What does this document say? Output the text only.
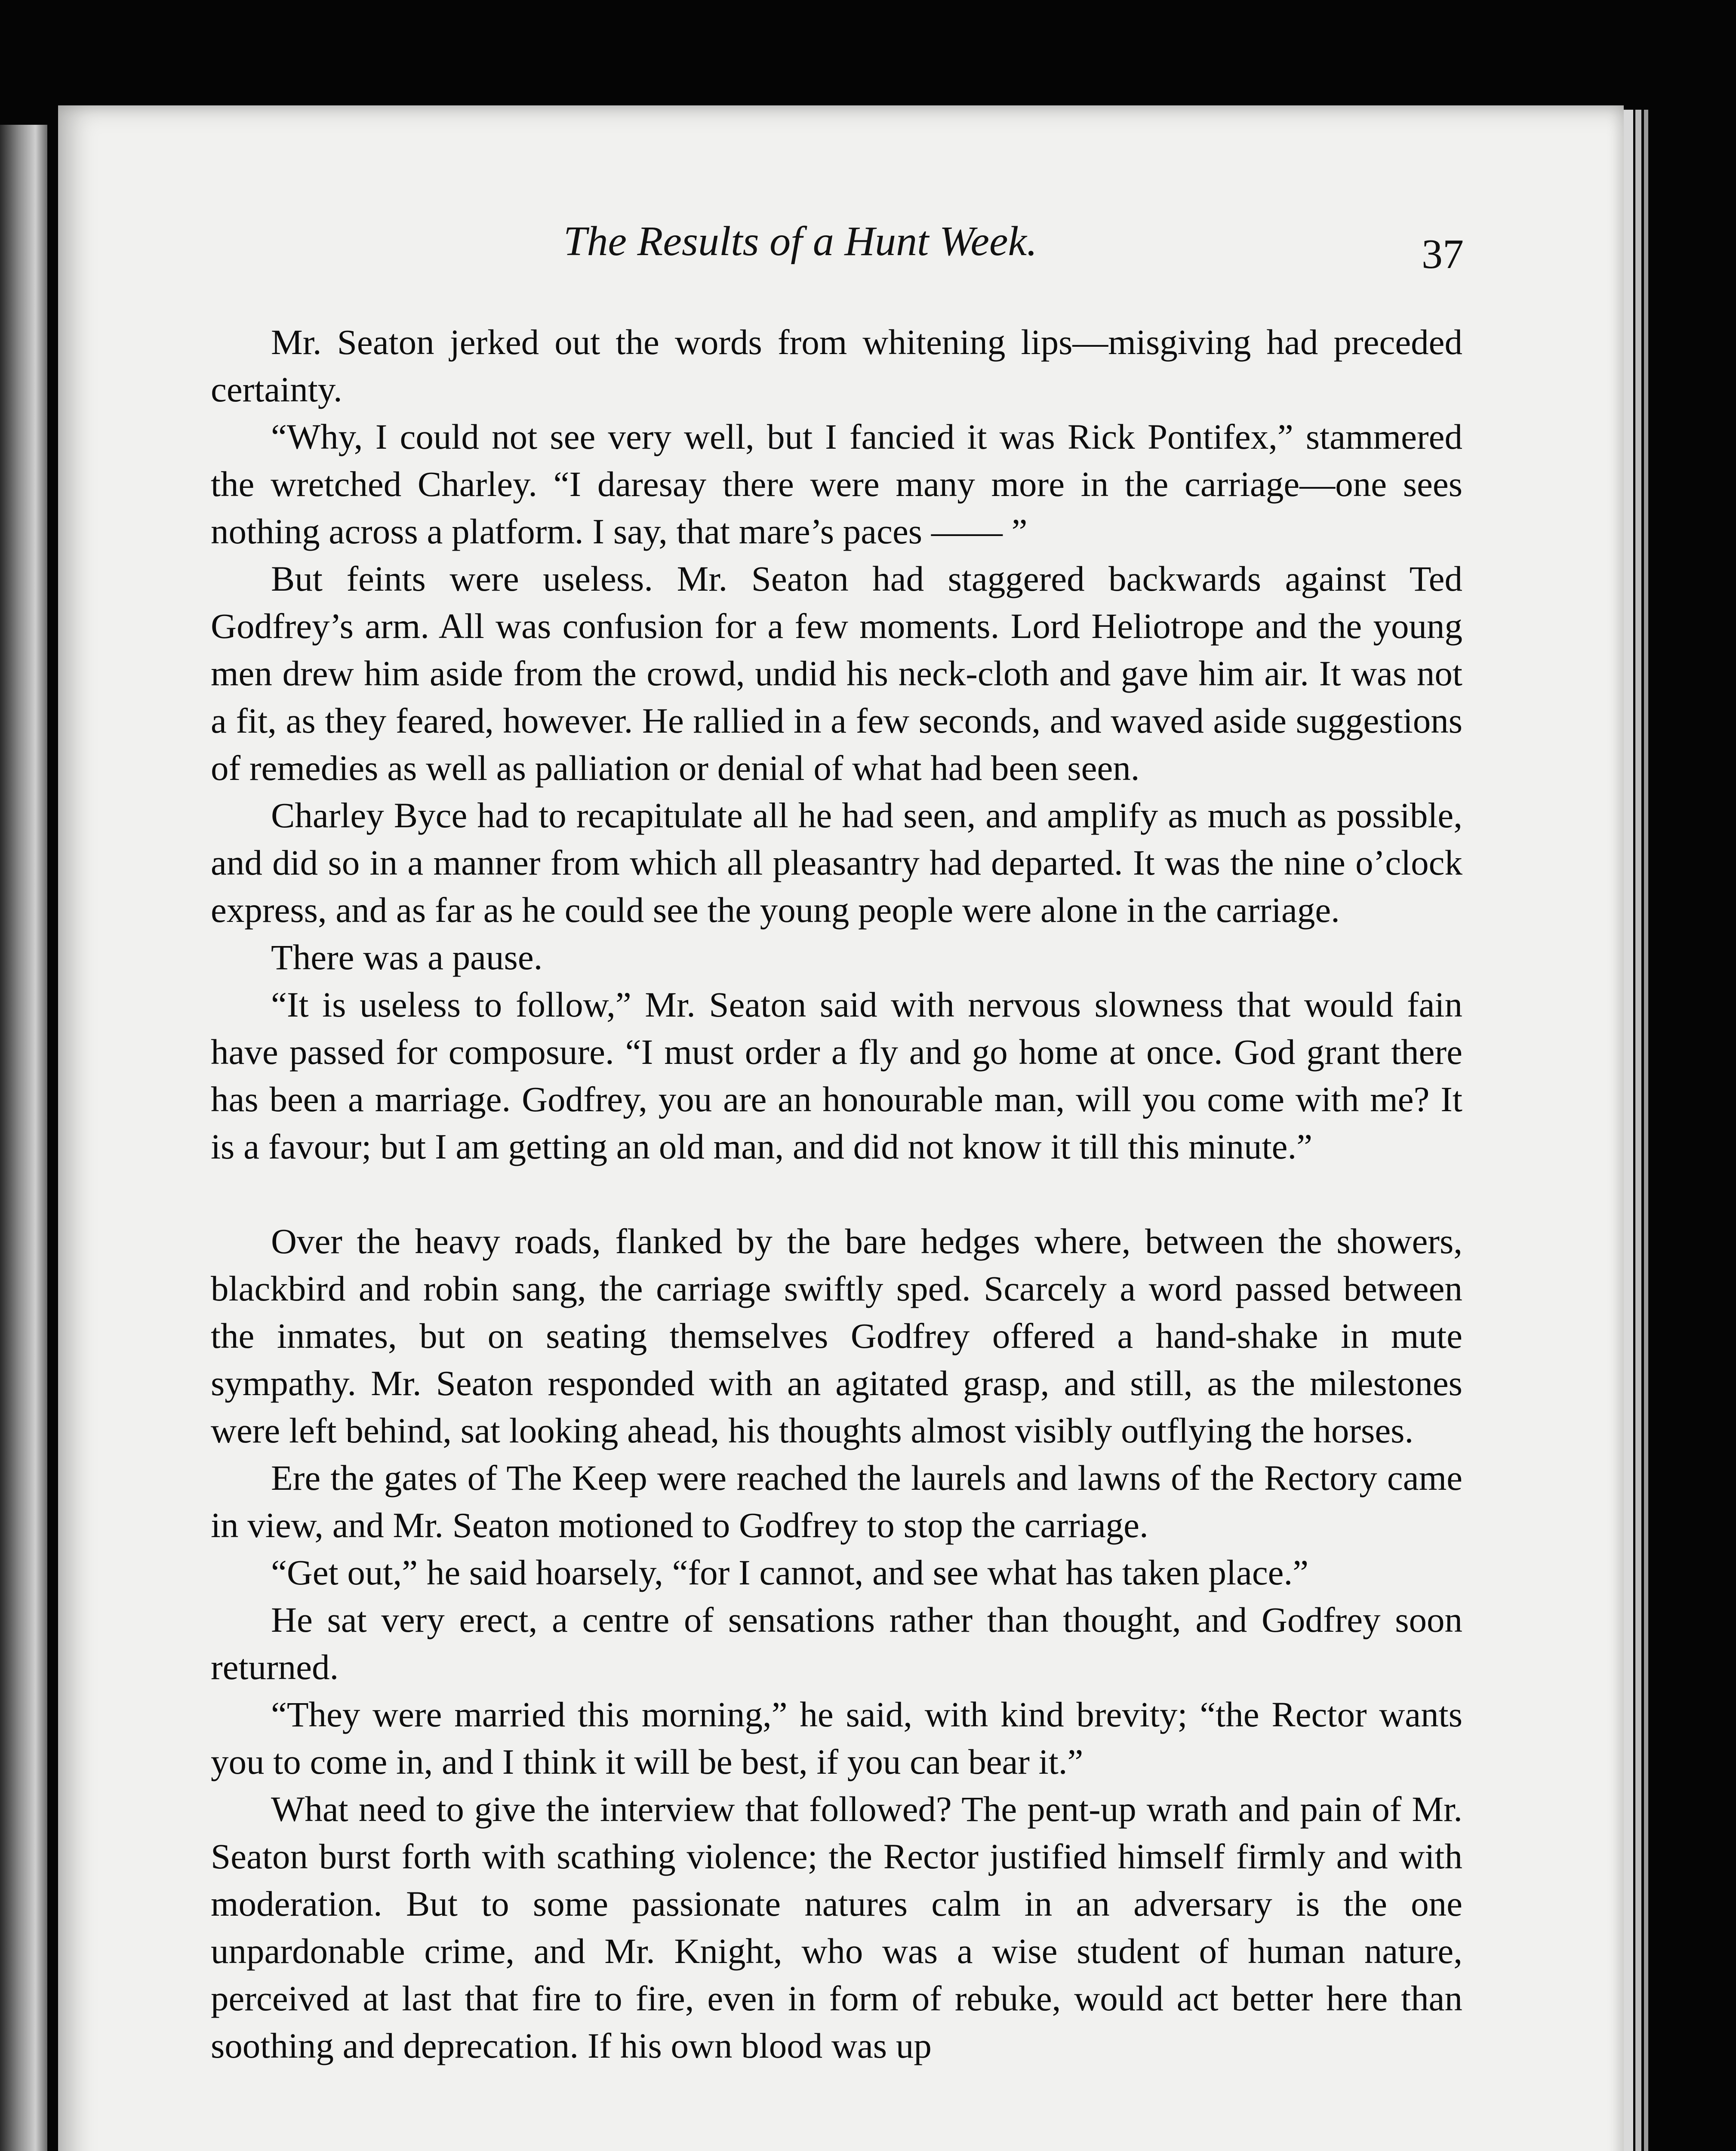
The Results of a Hunt Week.	37

Mr. Seaton jerked out the words from whitening lips—misgiving had preceded certainty.

“Why, I could not see very well, but I fancied it was Rick Pontifex,” stammered the wretched Charley. “I daresay there were many more in the carriage—one sees nothing across a platform. I say, that mare’s paces —— ”

But feints were useless. Mr. Seaton had staggered backwards against Ted Godfrey’s arm. All was confusion for a few moments. Lord Heliotrope and the young men drew him aside from the crowd, undid his neck-cloth and gave him air. It was not a fit, as they feared, however. He rallied in a few seconds, and waved aside suggestions of remedies as well as palliation or denial of what had been seen.

Charley Byce had to recapitulate all he had seen, and amplify as much as possible, and did so in a manner from which all pleasantry had departed. It was the nine o’clock express, and as far as he could see the young people were alone in the carriage.

There was a pause.

“It is useless to follow,” Mr. Seaton said with nervous slowness that would fain have passed for composure. “I must order a fly and go home at once. God grant there has been a marriage. Godfrey, you are an honourable man, will you come with me? It is a favour; but I am getting an old man, and did not know it till this minute.”

Over the heavy roads, flanked by the bare hedges where, between the showers, blackbird and robin sang, the carriage swiftly sped. Scarcely a word passed between the inmates, but on seating themselves Godfrey offered a hand-shake in mute sympathy. Mr. Seaton responded with an agitated grasp, and still, as the milestones were left behind, sat looking ahead, his thoughts almost visibly outflying the horses.

Ere the gates of The Keep were reached the laurels and lawns of the Rectory came in view, and Mr. Seaton motioned to Godfrey to stop the carriage.

“Get out,” he said hoarsely, “for I cannot, and see what has taken place.”

He sat very erect, a centre of sensations rather than thought, and Godfrey soon returned.

“They were married this morning,” he said, with kind brevity; “the Rector wants you to come in, and I think it will be best, if you can bear it.”

What need to give the interview that followed? The pent-up wrath and pain of Mr. Seaton burst forth with scathing violence; the Rector justified himself firmly and with moderation. But to some passionate natures calm in an adversary is the one unpardonable crime, and Mr. Knight, who was a wise student of human nature, perceived at last that fire to fire, even in form of rebuke, would act better here than soothing and deprecation. If his own blood was up
